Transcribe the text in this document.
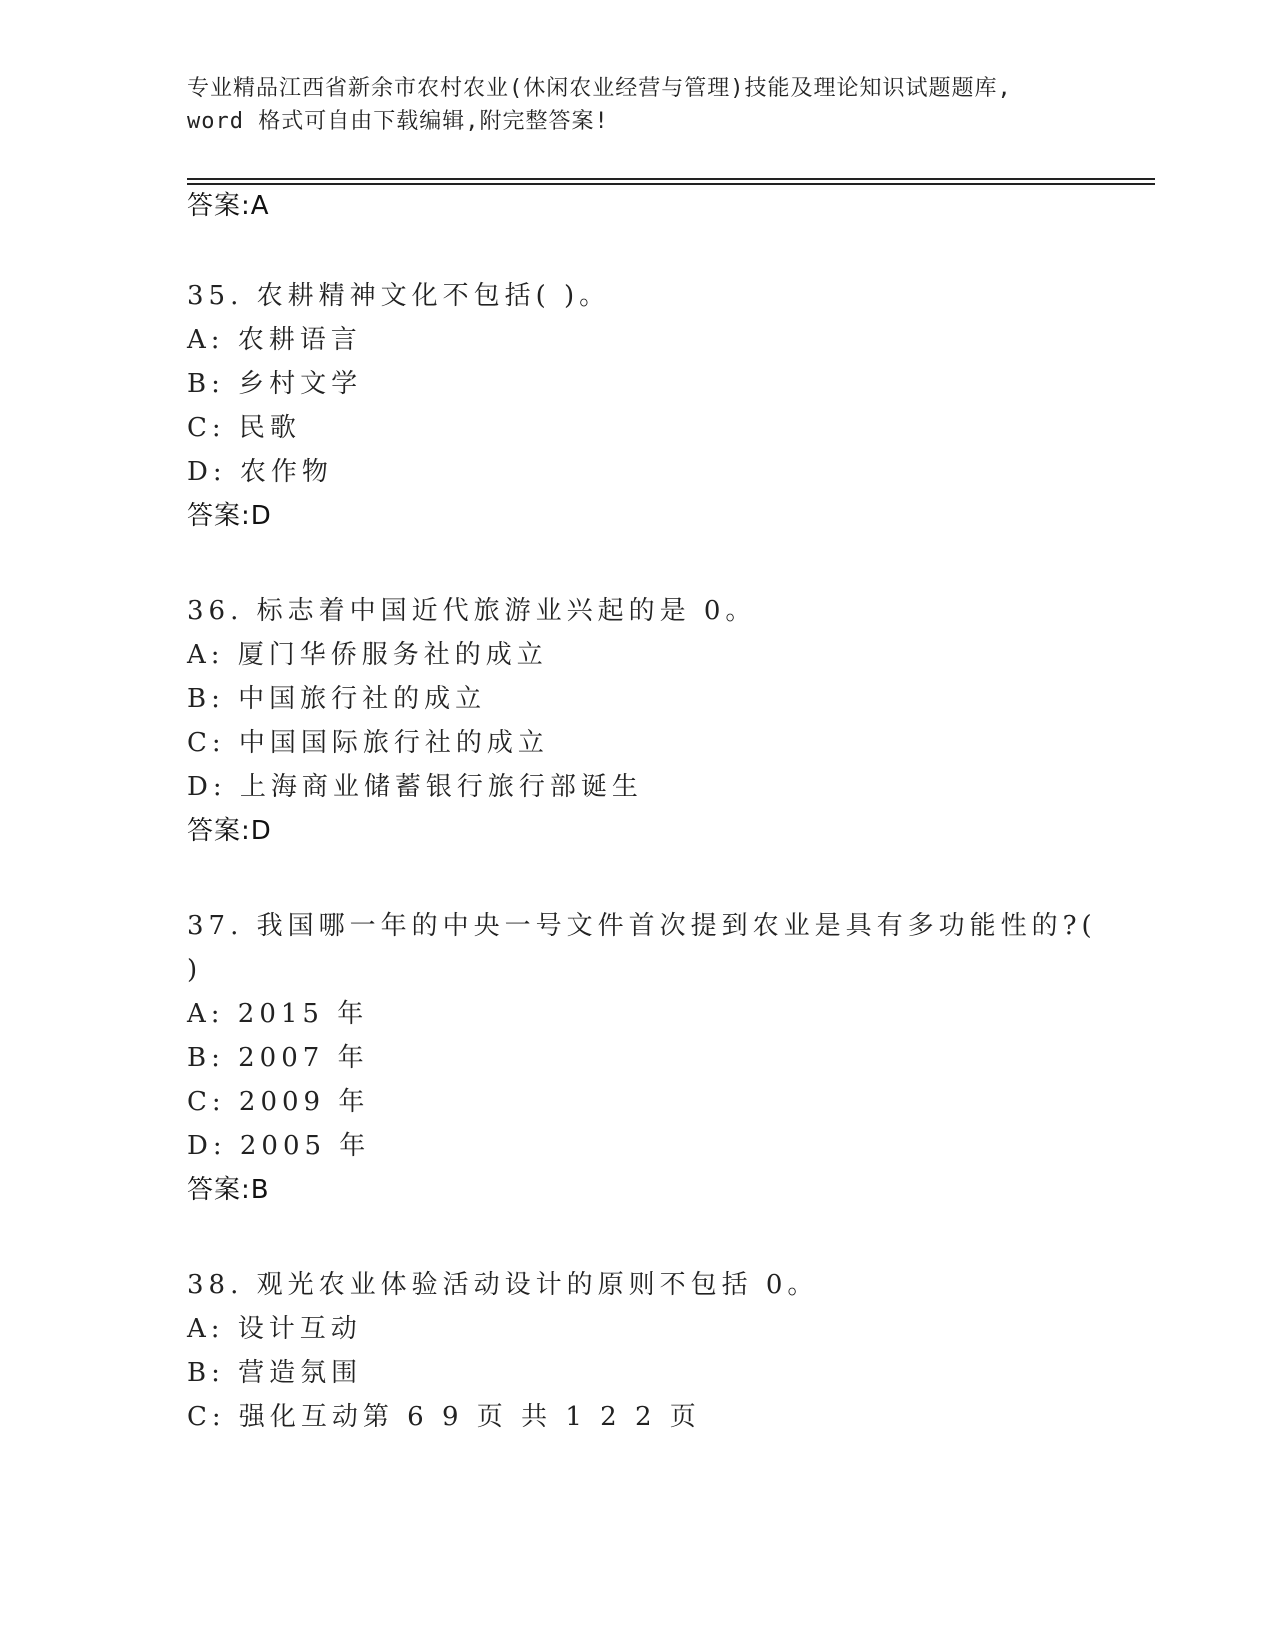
专业精品江西省新余市农村农业(休闲农业经营与管理)技能及理论知识试题题库,
word 格式可自由下载编辑,附完整答案!
答案:A
35. 农耕精神文化不包括( )。
A: 农耕语言
B: 乡村文学
C: 民歌
D: 农作物
答案:D
36. 标志着中国近代旅游业兴起的是 0。
A: 厦门华侨服务社的成立
B: 中国旅行社的成立
C: 中国国际旅行社的成立
D: 上海商业储蓄银行旅行部诞生
答案:D
37. 我国哪一年的中央一号文件首次提到农业是具有多功能性的?(
)
A: 2015 年
B: 2007 年
C: 2009 年
D: 2005 年
答案:B
38. 观光农业体验活动设计的原则不包括 0。
A: 设计互动
B: 营造氛围
C: 强化互动第 6 9 页 共 1 2 2 页
